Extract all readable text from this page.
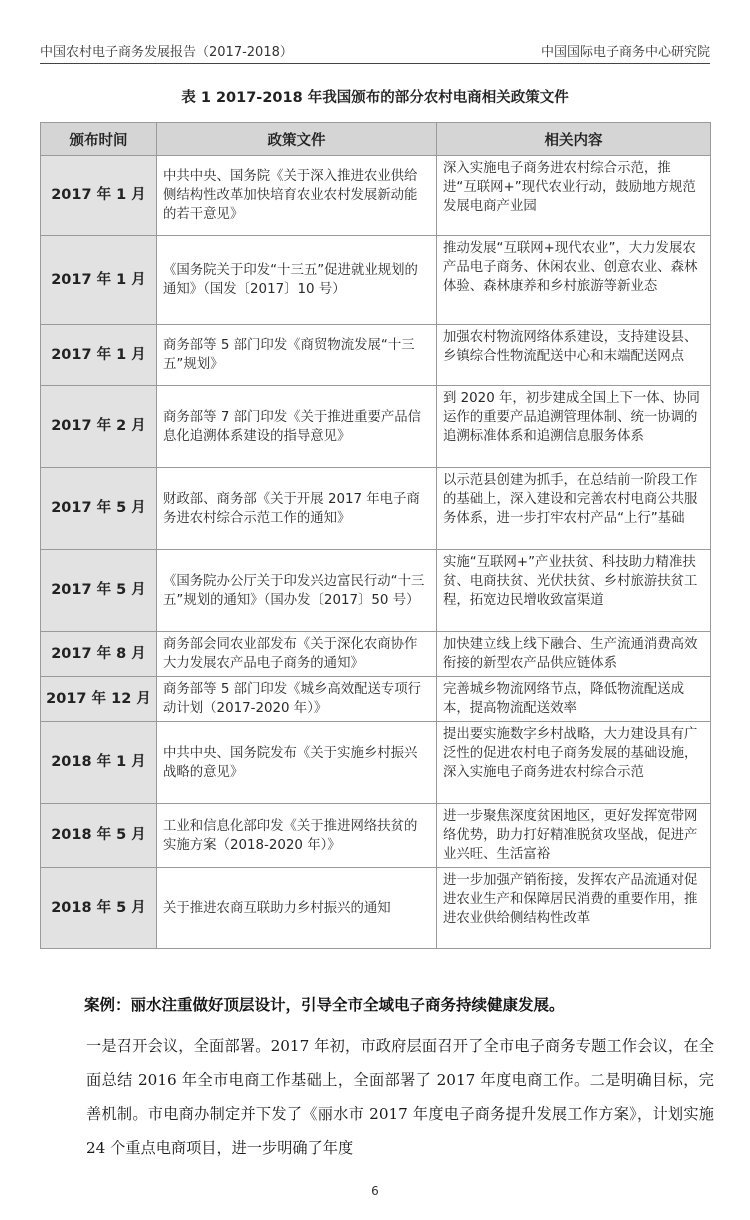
中国农村电子商务发展报告（2017-2018）	中国国际电子商务中心研究院
表 1 2017-2018 年我国颁布的部分农村电商相关政策文件
颁布时间	政策文件	相关内容
2017 年 1 月	中共中央、国务院《关于深入推进农业供给侧结构性改革加快培育农业农村发展新动能的若干意见》	深入实施电子商务进农村综合示范，推进“互联网+”现代农业行动，鼓励地方规范发展电商产业园
2017 年 1 月	《国务院关于印发“十三五”促进就业规划的通知》（国发〔2017〕10 号）	推动发展“互联网+现代农业”，大力发展农产品电子商务、休闲农业、创意农业、森林体验、森林康养和乡村旅游等新业态
2017 年 1 月	商务部等 5 部门印发《商贸物流发展“十三五”规划》	加强农村物流网络体系建设，支持建设县、乡镇综合性物流配送中心和末端配送网点
2017 年 2 月	商务部等 7 部门印发《关于推进重要产品信息化追溯体系建设的指导意见》	到 2020 年，初步建成全国上下一体、协同运作的重要产品追溯管理体制、统一协调的追溯标准体系和追溯信息服务体系
2017 年 5 月	财政部、商务部《关于开展 2017 年电子商务进农村综合示范工作的通知》	以示范县创建为抓手，在总结前一阶段工作的基础上，深入建设和完善农村电商公共服务体系，进一步打牢农村产品“上行”基础
2017 年 5 月	《国务院办公厅关于印发兴边富民行动“十三五”规划的通知》（国办发〔2017〕50 号）	实施“互联网+”产业扶贫、科技助力精准扶贫、电商扶贫、光伏扶贫、乡村旅游扶贫工程，拓宽边民增收致富渠道
2017 年 8 月	商务部会同农业部发布《关于深化农商协作大力发展农产品电子商务的通知》	加快建立线上线下融合、生产流通消费高效衔接的新型农产品供应链体系
2017 年 12 月	商务部等 5 部门印发《城乡高效配送专项行动计划（2017-2020 年）》	完善城乡物流网络节点，降低物流配送成本，提高物流配送效率
2018 年 1 月	中共中央、国务院发布《关于实施乡村振兴战略的意见》	提出要实施数字乡村战略，大力建设具有广泛性的促进农村电子商务发展的基础设施，深入实施电子商务进农村综合示范
2018 年 5 月	工业和信息化部印发《关于推进网络扶贫的实施方案（2018-2020 年）》	进一步聚焦深度贫困地区，更好发挥宽带网络优势，助力打好精准脱贫攻坚战，促进产业兴旺、生活富裕
2018 年 5 月	关于推进农商互联助力乡村振兴的通知	进一步加强产销衔接，发挥农产品流通对促进农业生产和保障居民消费的重要作用，推进农业供给侧结构性改革
案例：丽水注重做好顶层设计，引导全市全域电子商务持续健康发展。
一是召开会议，全面部署。2017 年初，市政府层面召开了全市电子商务专题工作会议，在全面总结 2016 年全市电商工作基础上，全面部署了 2017 年度电商工作。二是明确目标，完善机制。市电商办制定并下发了《丽水市 2017 年度电子商务提升发展工作方案》，计划实施 24 个重点电商项目，进一步明确了年度
6
